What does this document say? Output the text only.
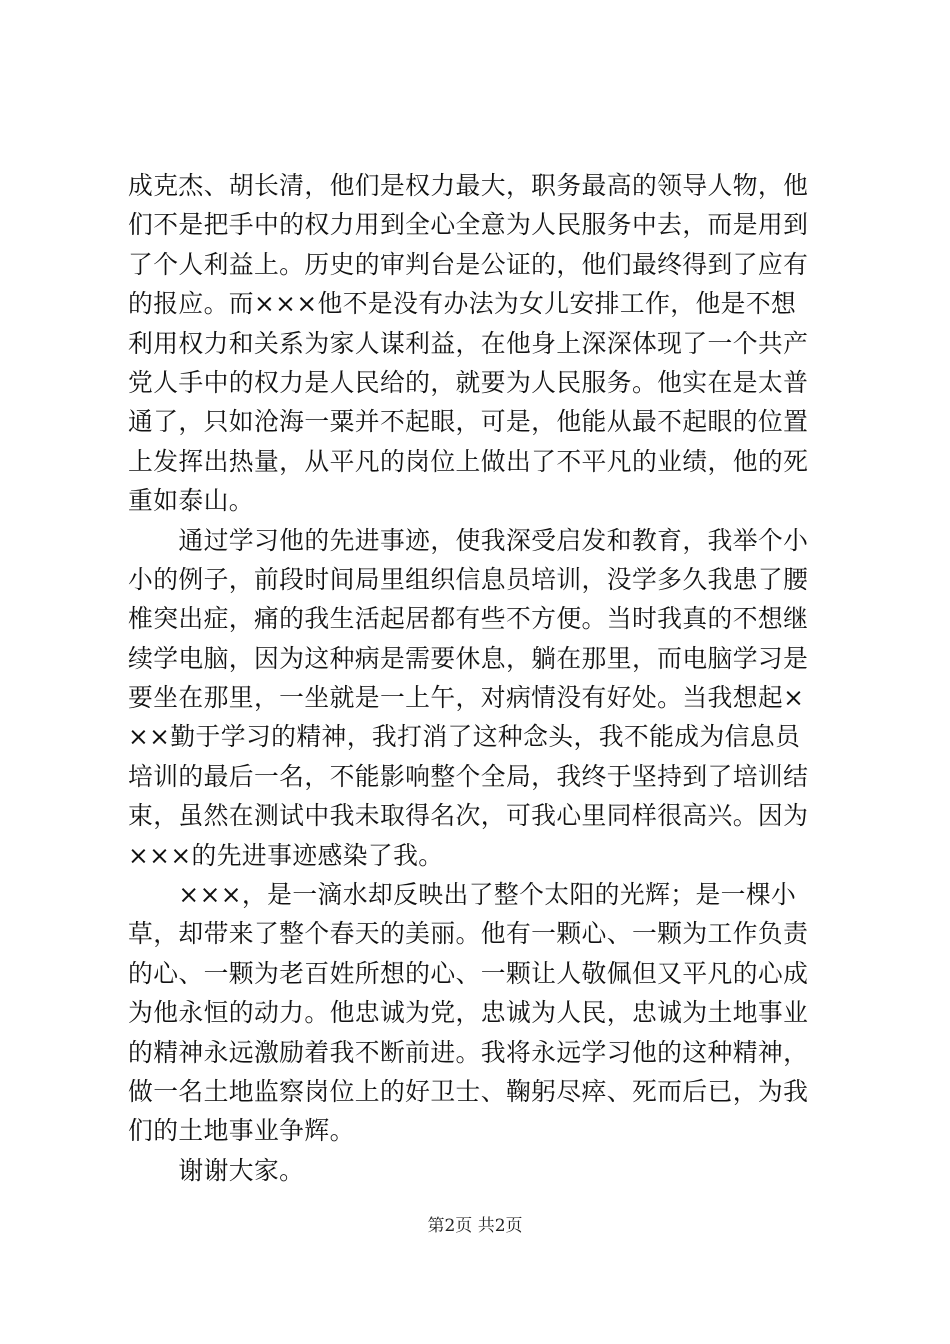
成克杰、胡长清，他们是权力最大，职务最高的领导人物，他
们不是把手中的权力用到全心全意为人民服务中去，而是用到
了个人利益上。历史的审判台是公证的，他们最终得到了应有
的报应。而×××他不是没有办法为女儿安排工作，他是不想
利用权力和关系为家人谋利益，在他身上深深体现了一个共产
党人手中的权力是人民给的，就要为人民服务。他实在是太普
通了，只如沧海一粟并不起眼，可是，他能从最不起眼的位置
上发挥出热量，从平凡的岗位上做出了不平凡的业绩，他的死
重如泰山。
　　通过学习他的先进事迹，使我深受启发和教育，我举个小
小的例子，前段时间局里组织信息员培训，没学多久我患了腰
椎突出症，痛的我生活起居都有些不方便。当时我真的不想继
续学电脑，因为这种病是需要休息，躺在那里，而电脑学习是
要坐在那里，一坐就是一上午，对病情没有好处。当我想起×
××勤于学习的精神，我打消了这种念头，我不能成为信息员
培训的最后一名，不能影响整个全局，我终于坚持到了培训结
束，虽然在测试中我未取得名次，可我心里同样很高兴。因为
×××的先进事迹感染了我。
　　×××，是一滴水却反映出了整个太阳的光辉；是一棵小
草，却带来了整个春天的美丽。他有一颗心、一颗为工作负责
的心、一颗为老百姓所想的心、一颗让人敬佩但又平凡的心成
为他永恒的动力。他忠诚为党，忠诚为人民，忠诚为土地事业
的精神永远激励着我不断前进。我将永远学习他的这种精神，
做一名土地监察岗位上的好卫士、鞠躬尽瘁、死而后已，为我
们的土地事业争辉。
　　谢谢大家。
第2页 共2页
